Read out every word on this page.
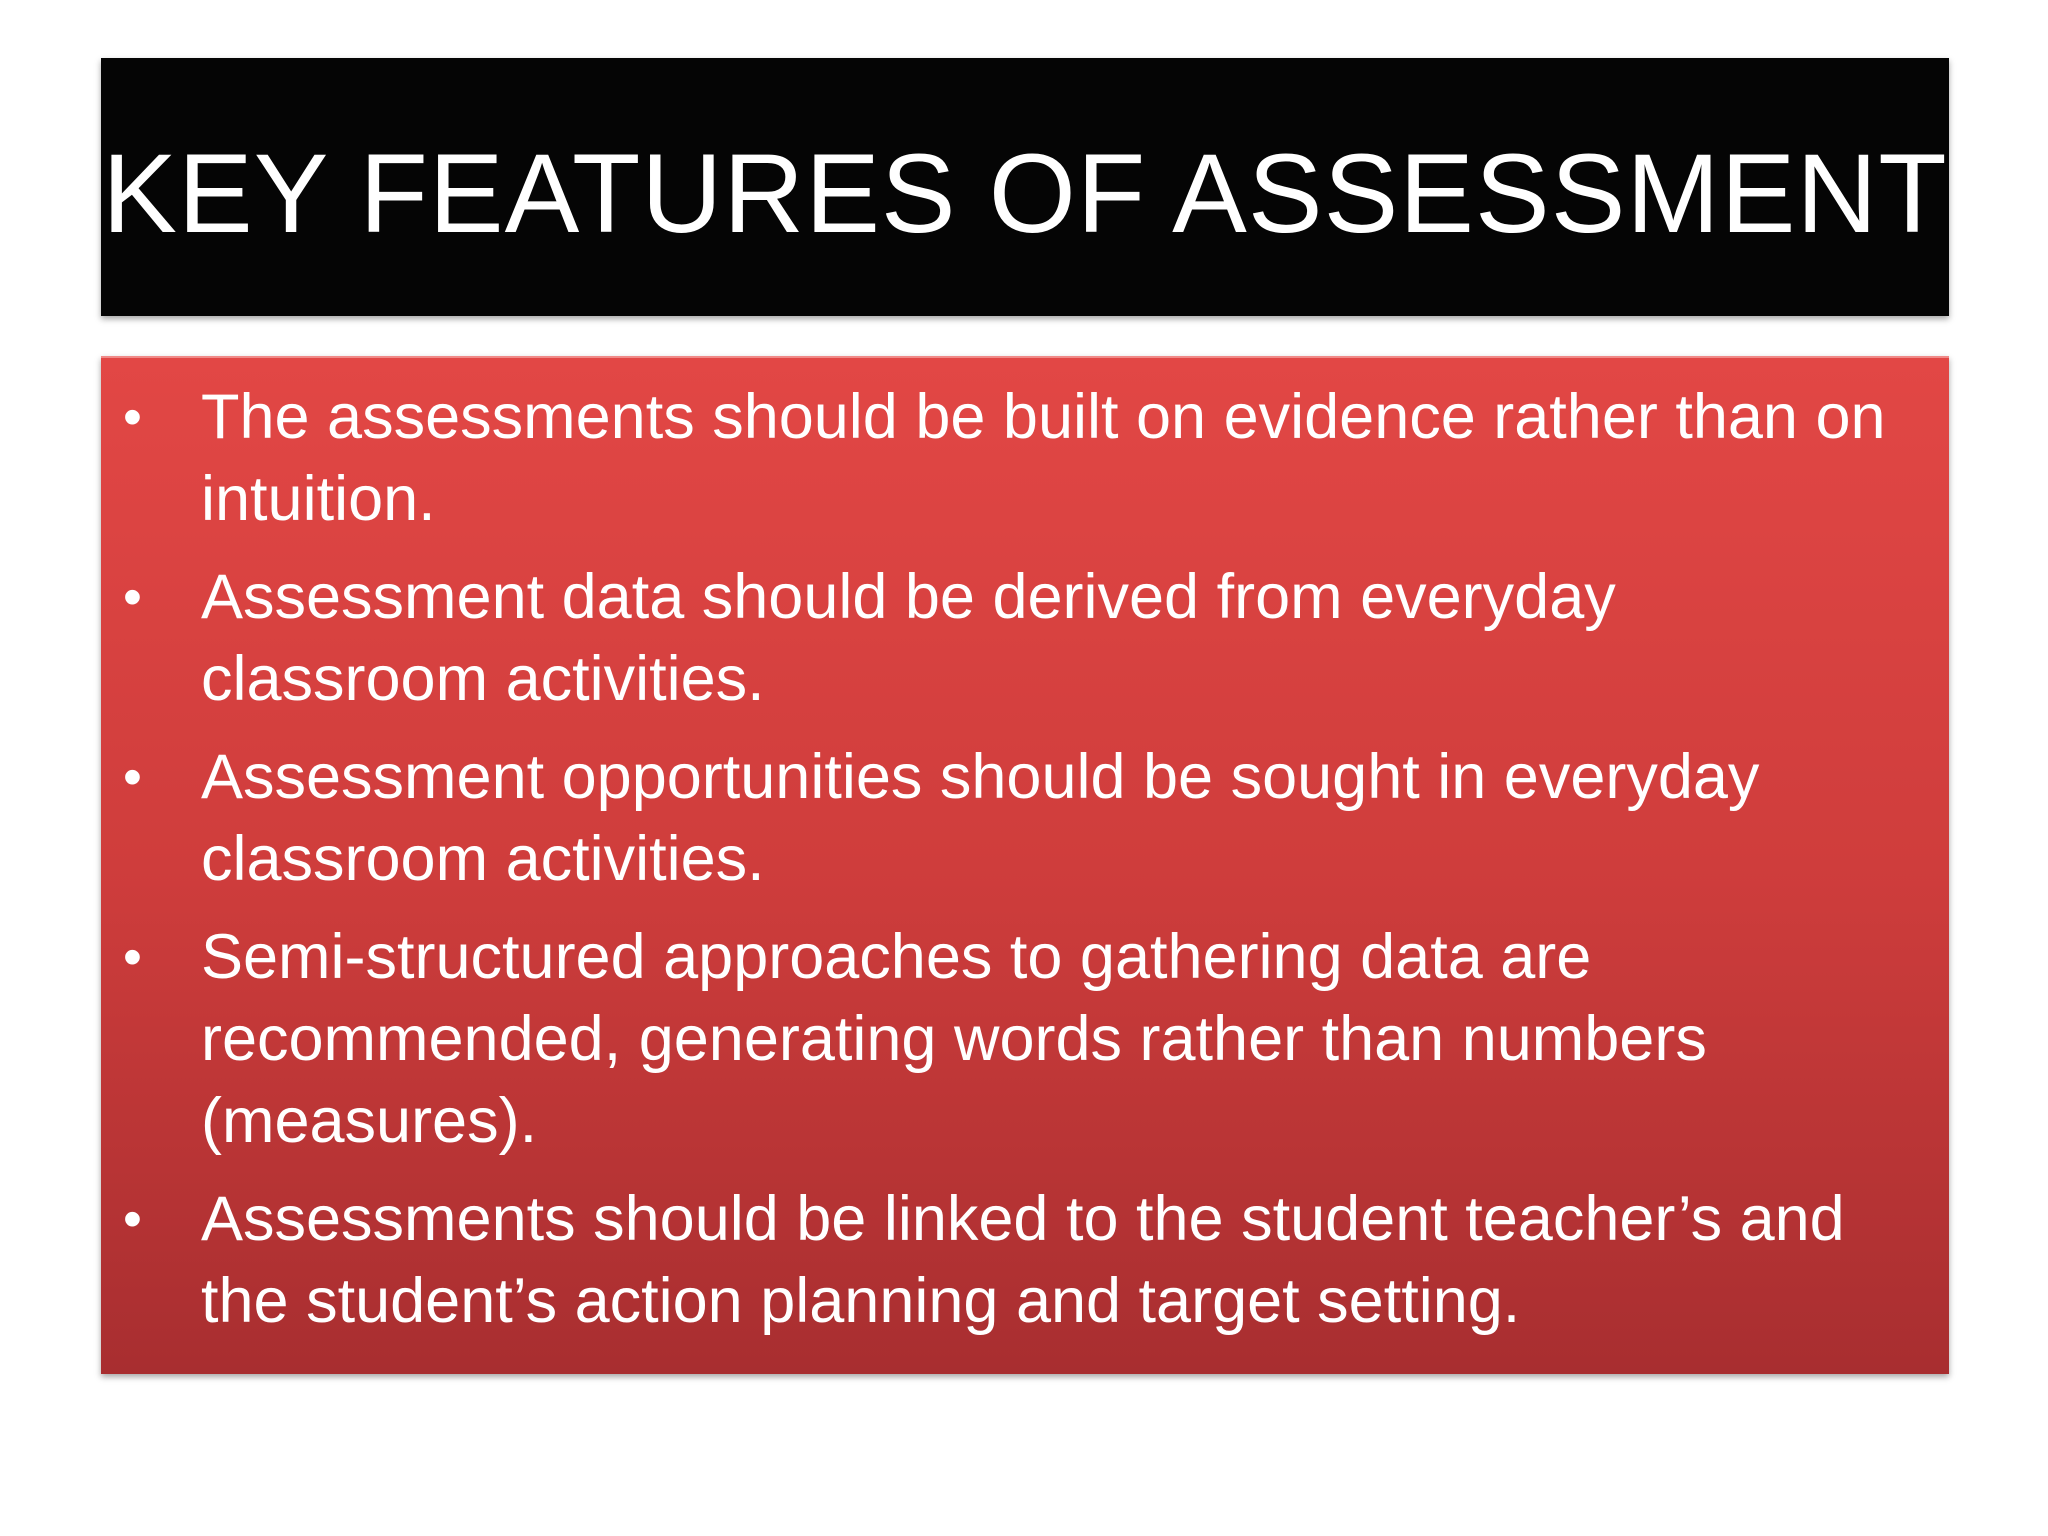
KEY FEATURES OF ASSESSMENT
• The assessments should be built on evidence rather than on intuition.
• Assessment data should be derived from everyday classroom activities.
• Assessment opportunities should be sought in everyday classroom activities.
• Semi-structured approaches to gathering data are recommended, generating words rather than numbers (measures).
• Assessments should be linked to the student teacher’s and the student’s action planning and target setting.
